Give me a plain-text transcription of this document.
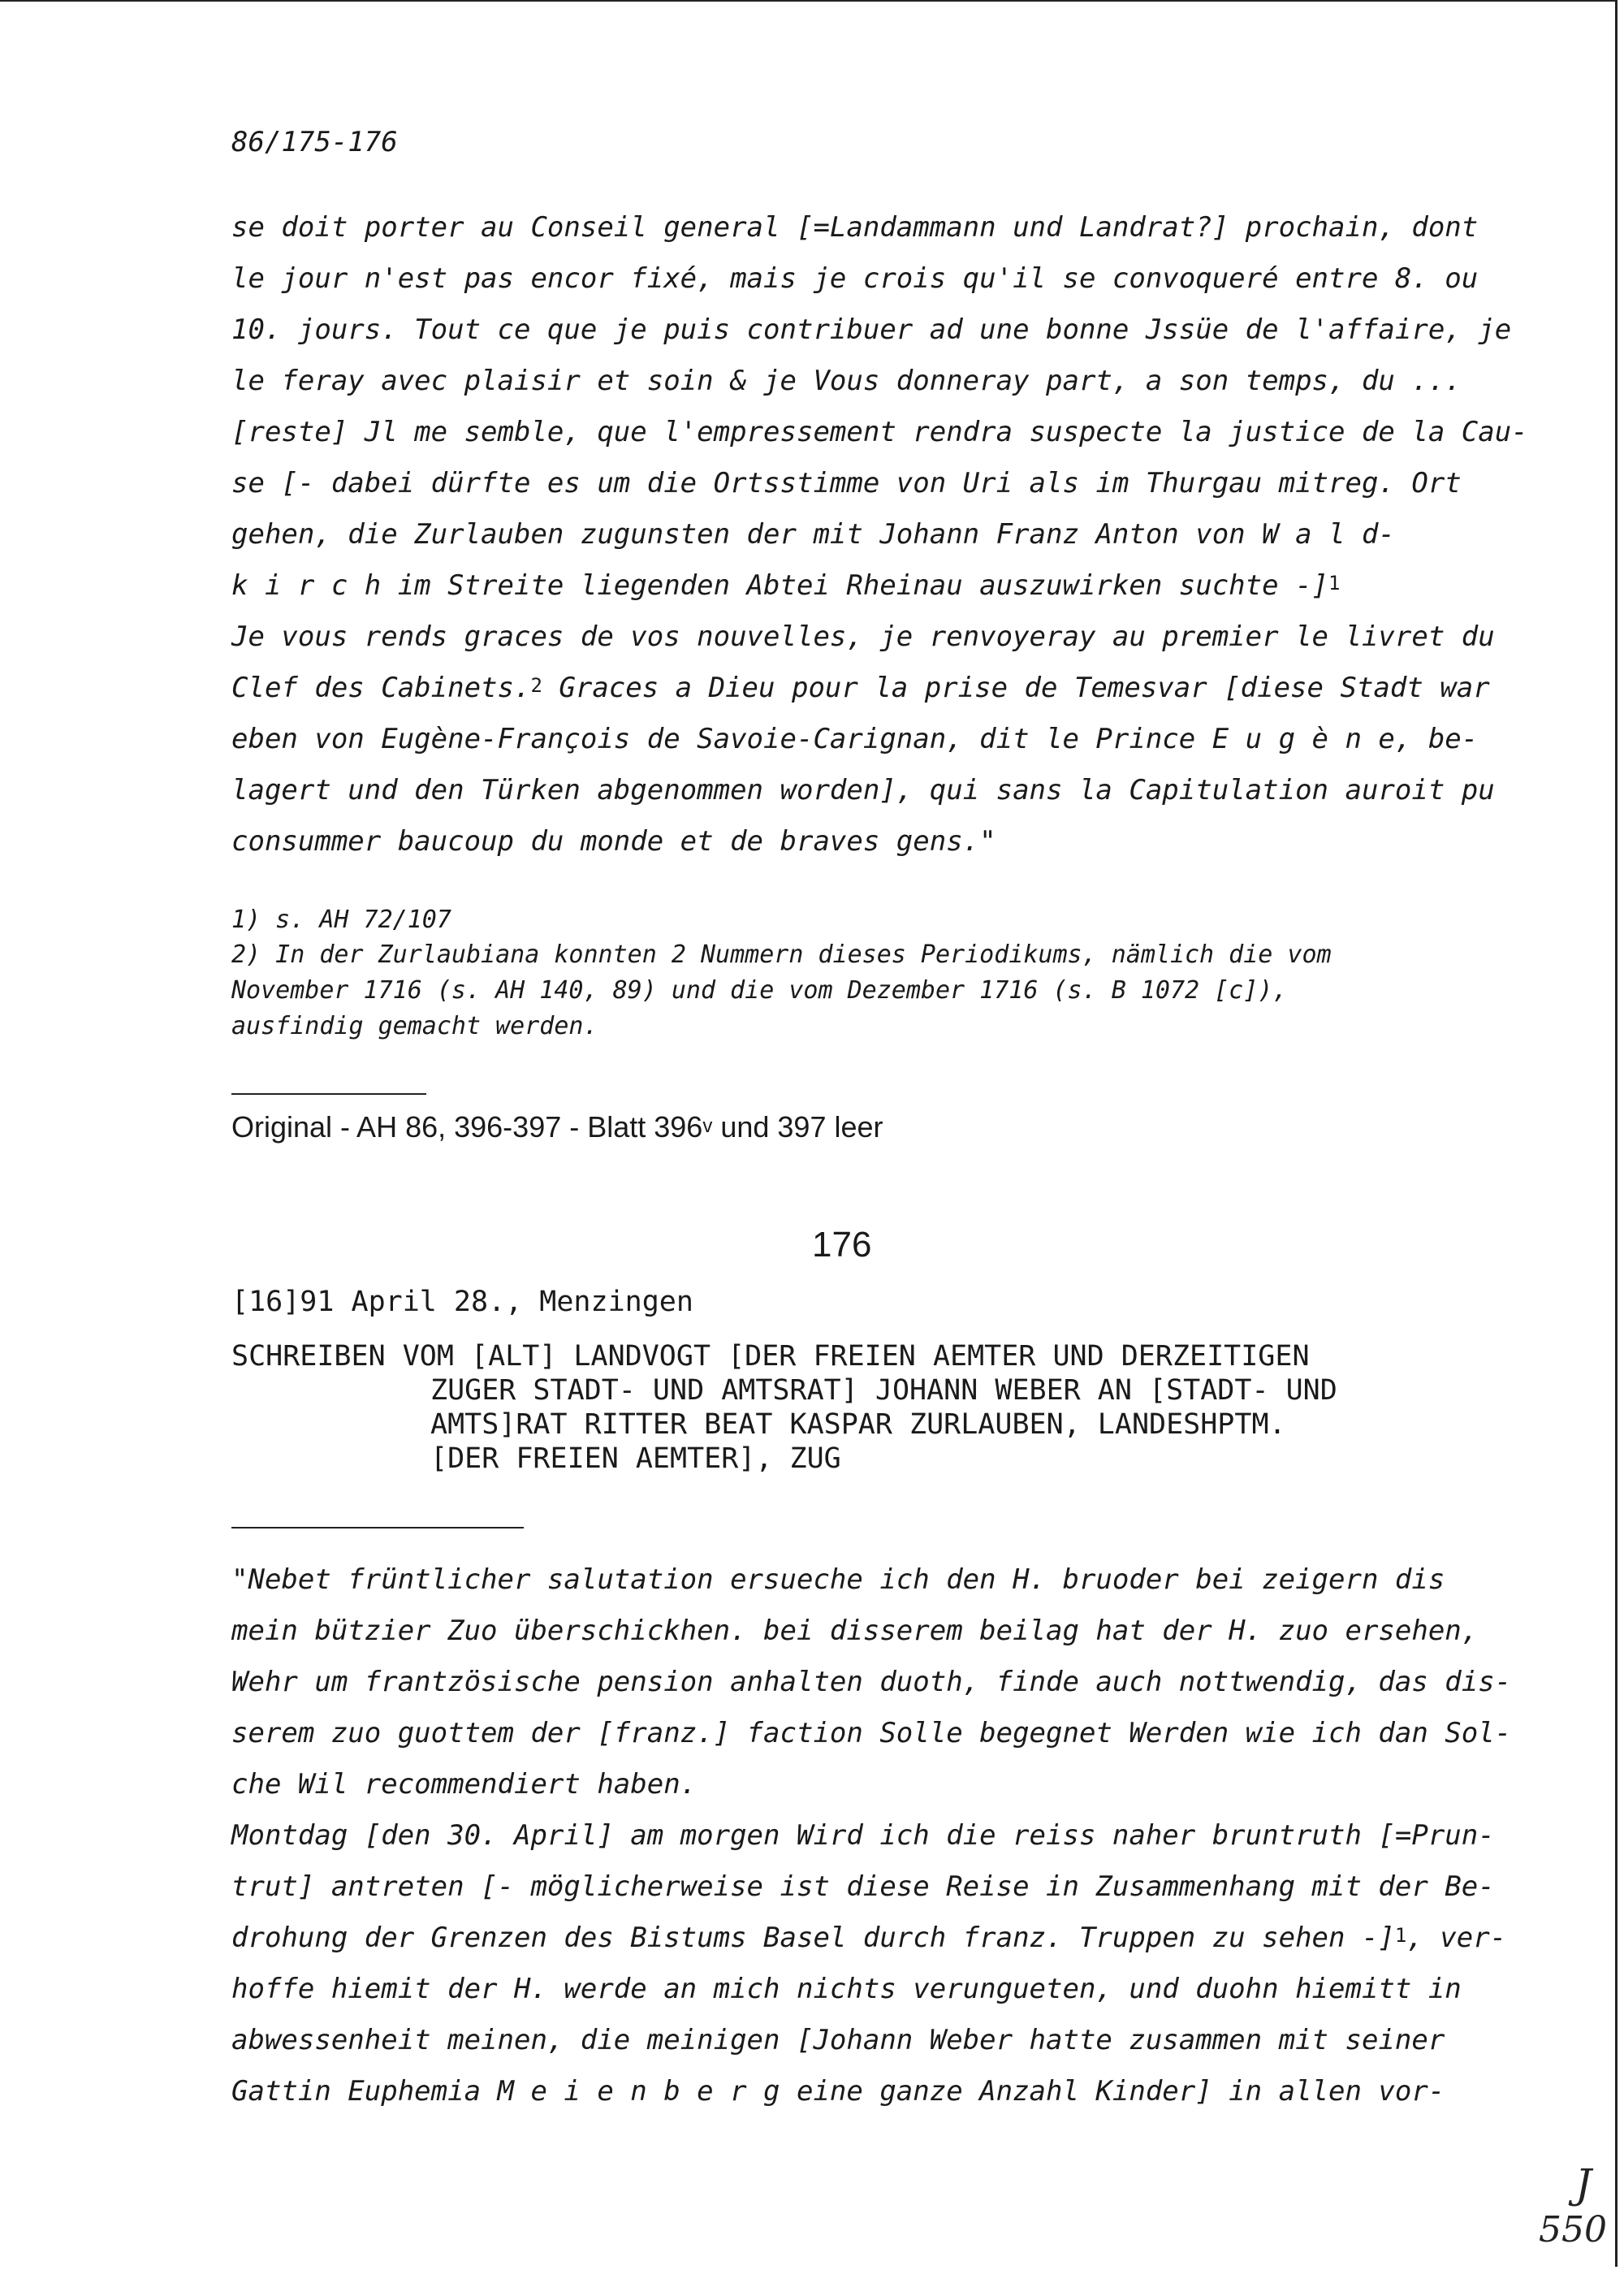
86/175-176
se doit porter au Conseil general [=Landammann und Landrat?] prochain, dont
le jour n'est pas encor fixé, mais je crois qu'il se convoqueré entre 8. ou
10. jours. Tout ce que je puis contribuer ad une bonne Jssüe de l'affaire, je
le feray avec plaisir et soin & je Vous donneray part, a son temps, du ...
[reste] Jl me semble, que l'empressement rendra suspecte la justice de la Cau-
se [- dabei dürfte es um die Ortsstimme von Uri als im Thurgau mitreg. Ort
gehen, die Zurlauben zugunsten der mit Johann Franz Anton von W a l d-
k i r c h im Streite liegenden Abtei Rheinau auszuwirken suchte -]$^1$
Je vous rends graces de vos nouvelles, je renvoyeray au premier le livret du
Clef des Cabinets.$^2$ Graces a Dieu pour la prise de Temesvar [diese Stadt war
eben von Eugène-François de Savoie-Carignan, dit le Prince E u g è n e, be-
lagert und den Türken abgenommen worden], qui sans la Capitulation auroit pu
consummer baucoup du monde et de braves gens."
1) s. AH 72/107
2) In der Zurlaubiana konnten 2 Nummern dieses Periodikums, nämlich die vom
November 1716 (s. AH 140, 89) und die vom Dezember 1716 (s. B 1072 [c]),
ausfindig gemacht werden.
Original - AH 86, 396-397 - Blatt 396$^v$ und 397 leer
176
[16]91 April 28., Menzingen
SCHREIBEN VOM [ALT] LANDVOGT [DER FREIEN AEMTER UND DERZEITIGEN
ZUGER STADT- UND AMTSRAT] JOHANN WEBER AN [STADT- UND
AMTS]RAT RITTER BEAT KASPAR ZURLAUBEN, LANDESHPTM.
[DER FREIEN AEMTER], ZUG
"Nebet früntlicher salutation ersueche ich den H. bruoder bei zeigern dis
mein bützier Zuo überschickhen. bei disserem beilag hat der H. zuo ersehen,
Wehr um frantzösische pension anhalten duoth, finde auch nottwendig, das dis-
serem zuo guottem der [franz.] faction Solle begegnet Werden wie ich dan Sol-
che Wil recommendiert haben.
Montdag [den 30. April] am morgen Wird ich die reiss naher bruntruth [=Prun-
trut] antreten [- möglicherweise ist diese Reise in Zusammenhang mit der Be-
drohung der Grenzen des Bistums Basel durch franz. Truppen zu sehen -]$^1$, ver-
hoffe hiemit der H. werde an mich nichts verungueten, und duohn hiemitt in
abwessenheit meinen, die meinigen [Johann Weber hatte zusammen mit seiner
Gattin Euphemia M e i e n b e r g eine ganze Anzahl Kinder] in allen vor-
J
550
